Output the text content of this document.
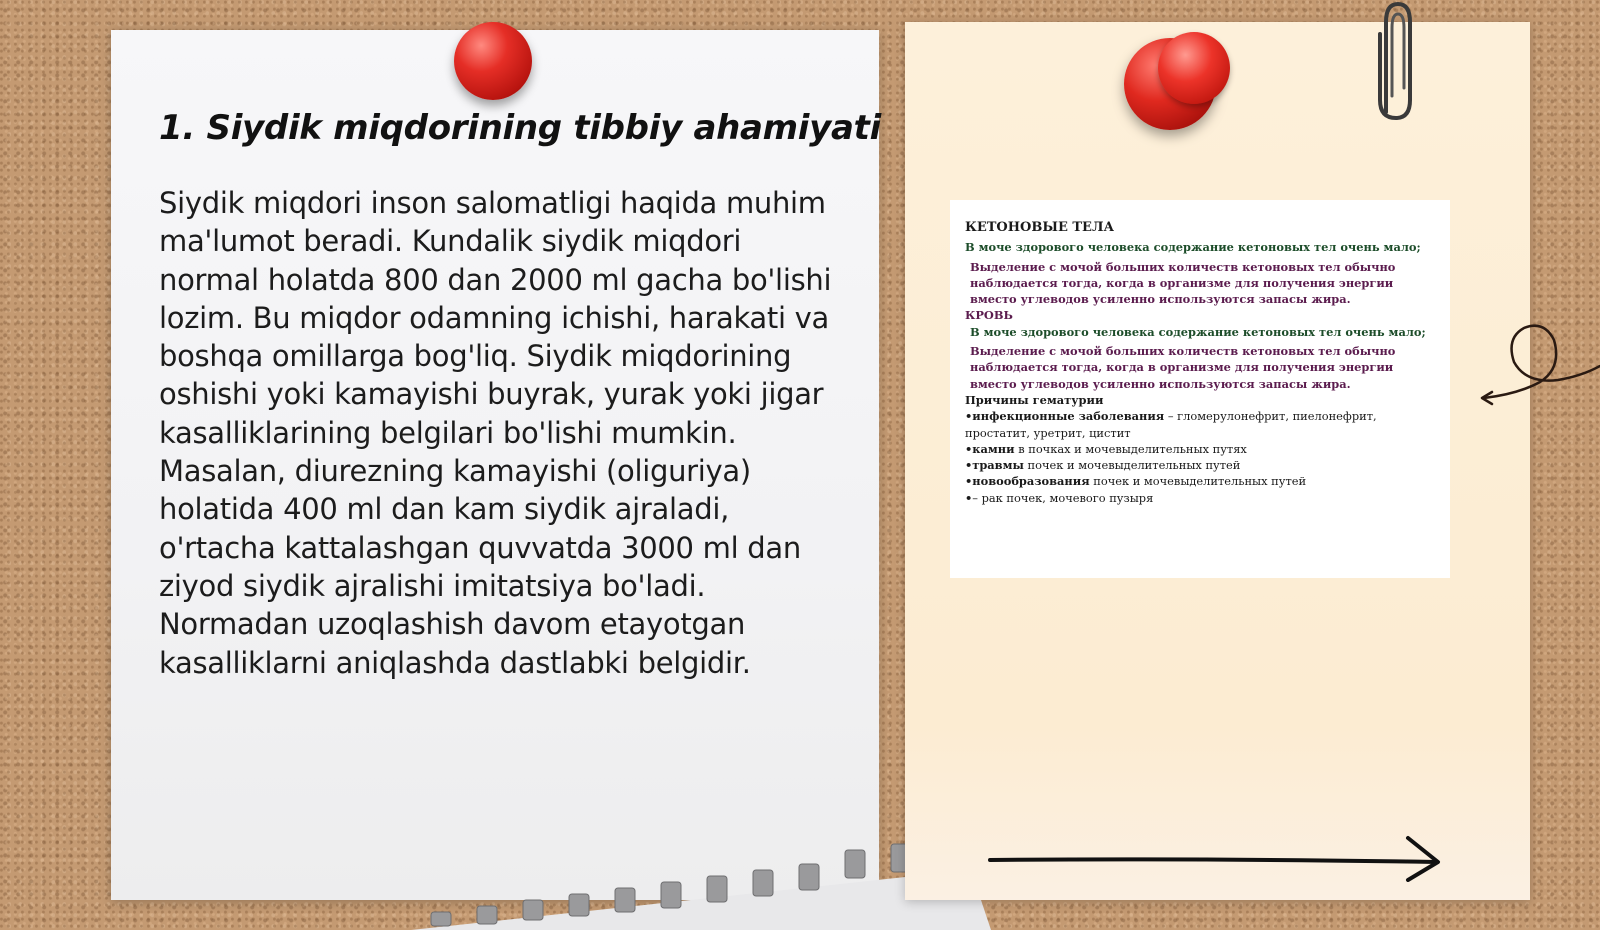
1. Siydik miqdorining tibbiy ahamiyati

Siydik miqdori inson salomatligi haqida muhim ma'lumot beradi. Kundalik siydik miqdori normal holatda 800 dan 2000 ml gacha bo'lishi lozim. Bu miqdor odamning ichishi, harakati va boshqa omillarga bog'liq. Siydik miqdorining oshishi yoki kamayishi buyrak, yurak yoki jigar kasalliklarining belgilari bo'lishi mumkin. Masalan, diurezning kamayishi (oliguriya) holatida 400 ml dan kam siydik ajraladi, o'rtacha kattalashgan quvvatda 3000 ml dan ziyod siydik ajralishi imitatsiya bo'ladi. Normadan uzoqlashish davom etayotgan kasalliklarni aniqlashda dastlabki belgidir.

КЕТОНОВЫЕ ТЕЛА

В моче здорового человека содержание кетоновых тел очень мало;

Выделение с мочой больших количеств кетоновых тел обычно наблюдается тогда, когда в организме для получения энергии вместо углеводов усиленно используются запасы жира.

КРОВЬ

В моче здорового человека содержание кетоновых тел очень мало;

Выделение с мочой больших количеств кетоновых тел обычно наблюдается тогда, когда в организме для получения энергии вместо углеводов усиленно используются запасы жира.

Причины гематурии

•инфекционные заболевания – гломерулонефрит, пиелонефрит, простатит, уретрит, цистит

•камни в почках и мочевыделительных путях

•травмы почек и мочевыделительных путей

•новообразования почек и мочевыделительных путей

•– рак почек, мочевого пузыря
